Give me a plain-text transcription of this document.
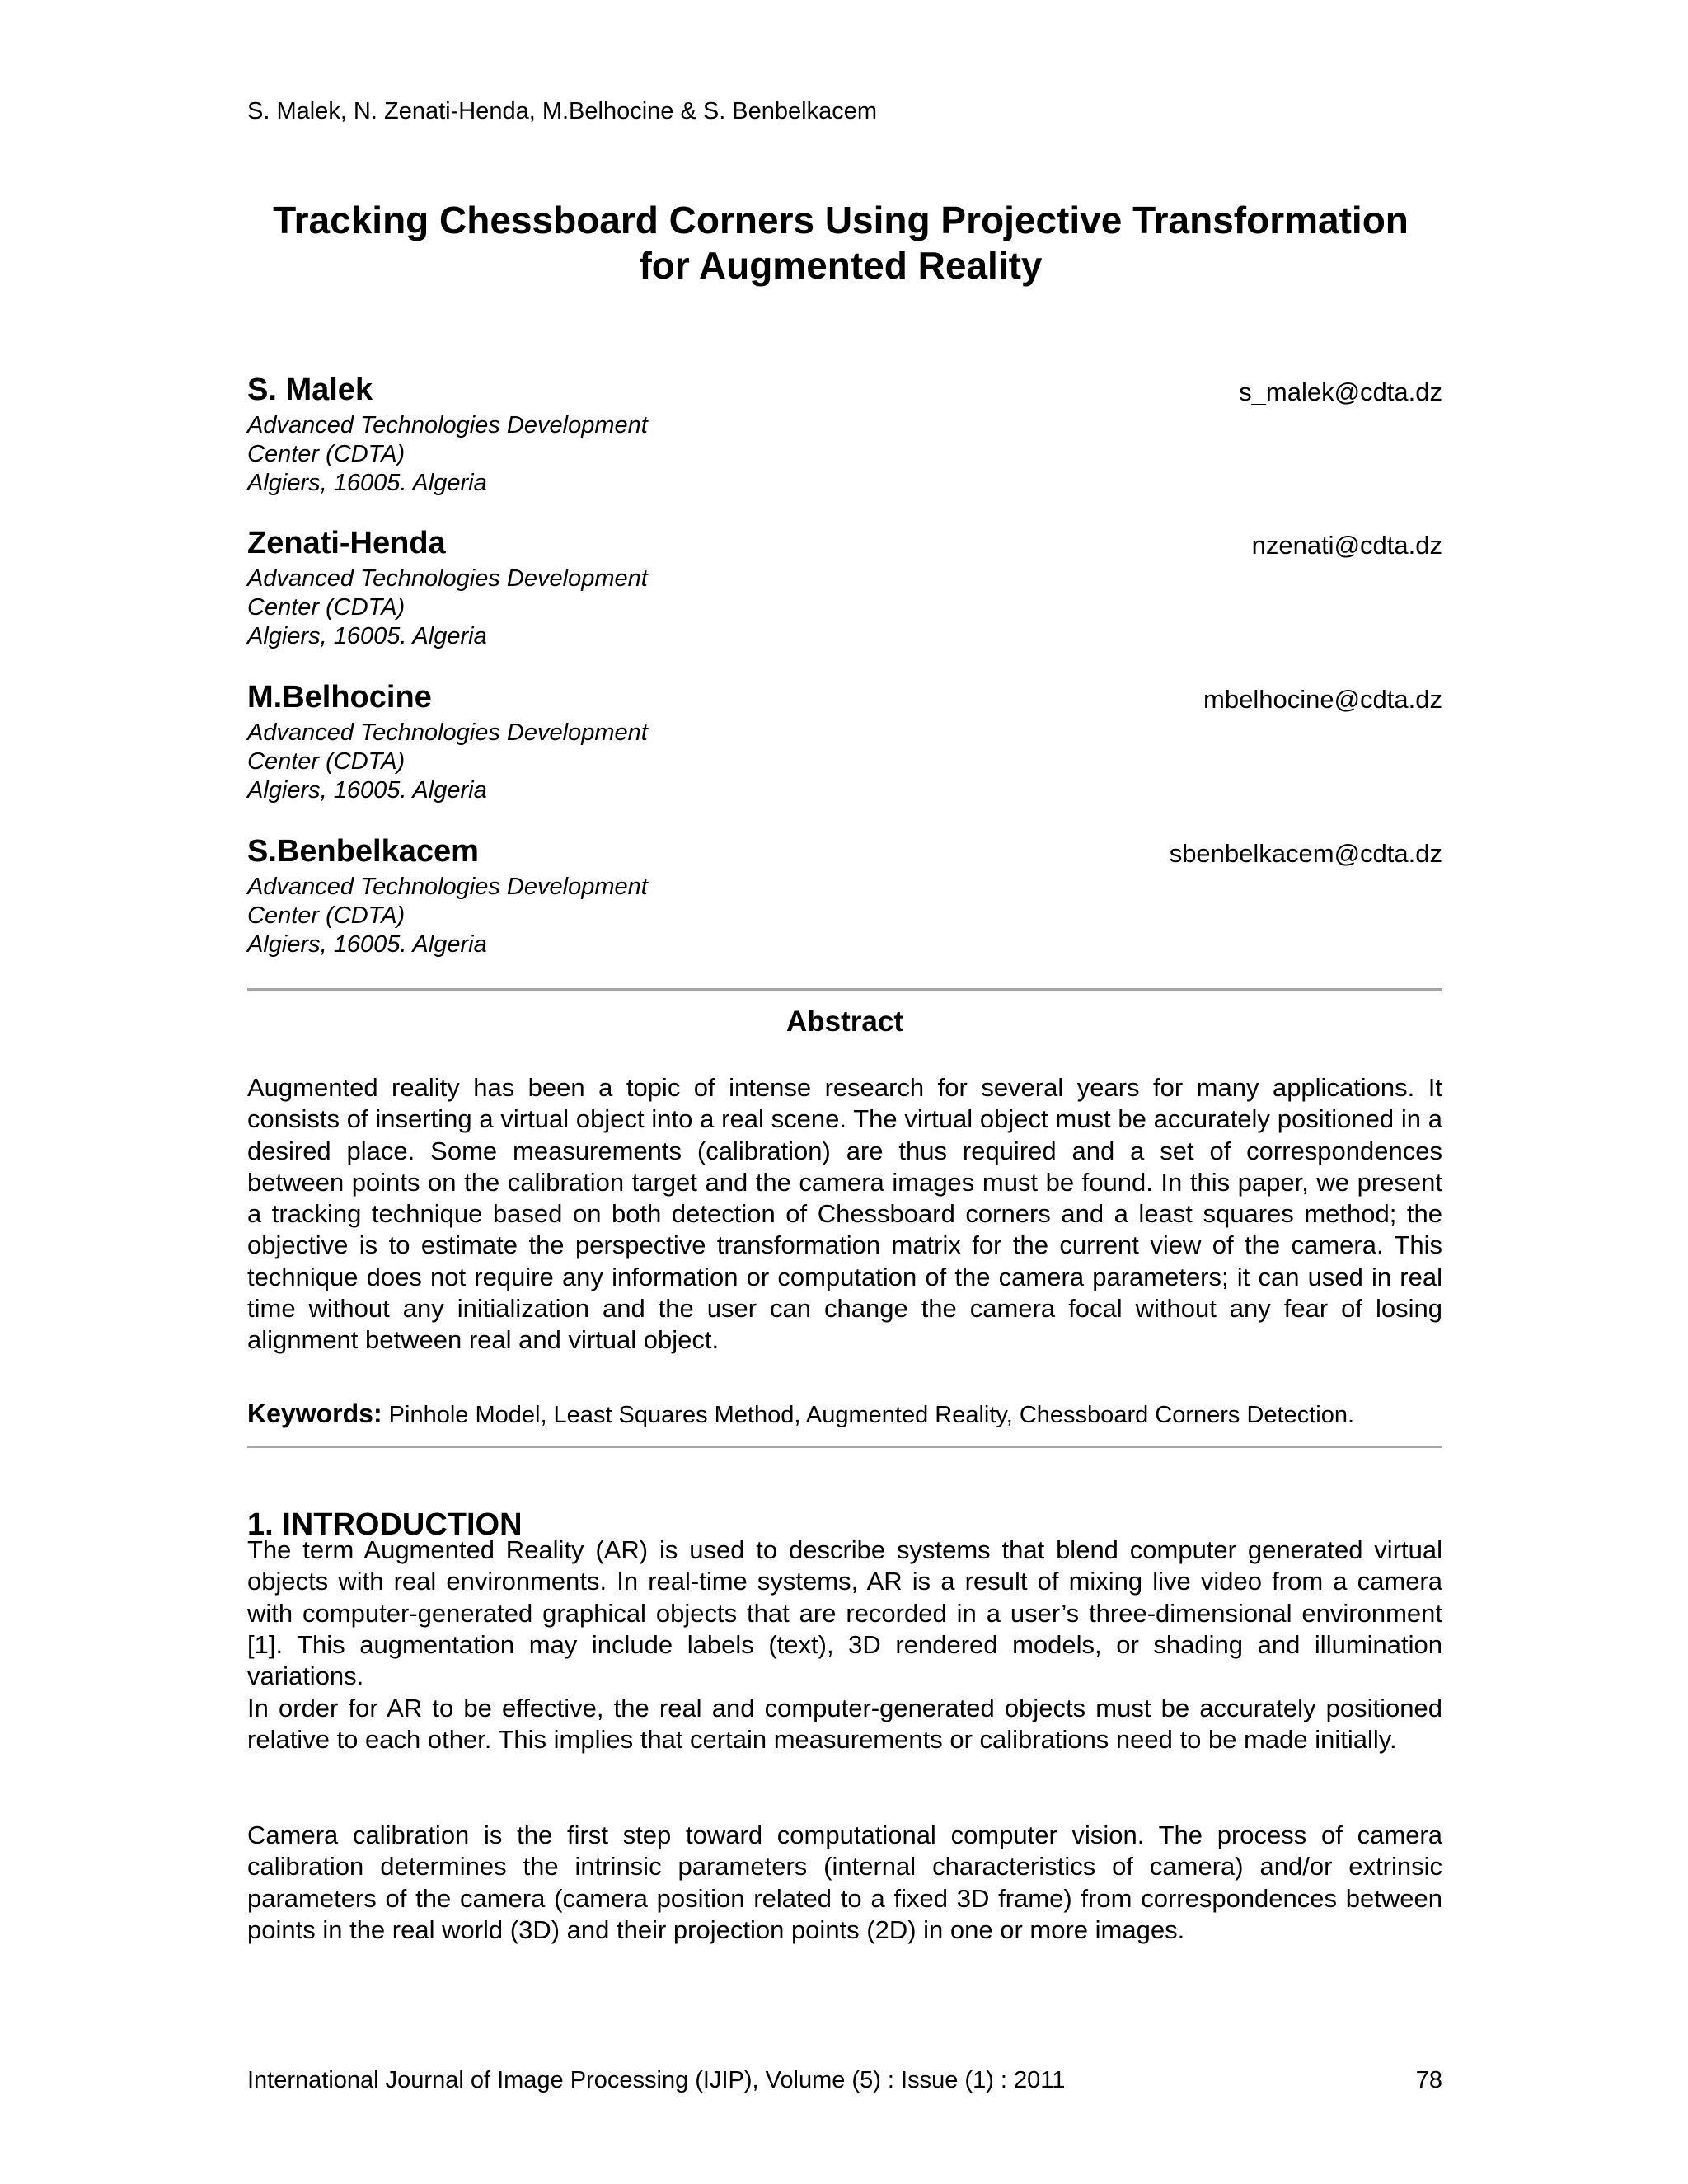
S. Malek, N. Zenati-Henda, M.Belhocine & S. Benbelkacem
Tracking Chessboard Corners Using Projective Transformation
for Augmented Reality
S. Malek	s_malek@cdta.dz
Advanced Technologies Development
Center (CDTA)
Algiers, 16005. Algeria
Zenati-Henda	nzenati@cdta.dz
Advanced Technologies Development
Center (CDTA)
Algiers, 16005. Algeria
M.Belhocine	mbelhocine@cdta.dz
Advanced Technologies Development
Center (CDTA)
Algiers, 16005. Algeria
S.Benbelkacem	sbenbelkacem@cdta.dz
Advanced Technologies Development
Center (CDTA)
Algiers, 16005. Algeria
Abstract

Augmented reality has been a topic of intense research for several years for many applications. It consists of inserting a virtual object into a real scene. The virtual object must be accurately positioned in a desired place. Some measurements (calibration) are thus required and a set of correspondences between points on the calibration target and the camera images must be found. In this paper, we present a tracking technique based on both detection of Chessboard corners and a least squares method; the objective is to estimate the perspective transformation matrix for the current view of the camera. This technique does not require any information or computation of the camera parameters; it can used in real time without any initialization and the user can change the camera focal without any fear of losing alignment between real and virtual object.

Keywords: Pinhole Model, Least Squares Method, Augmented Reality, Chessboard Corners Detection.
1. INTRODUCTION

The term Augmented Reality (AR) is used to describe systems that blend computer generated virtual objects with real environments. In real-time systems, AR is a result of mixing live video from a camera with computer-generated graphical objects that are recorded in a user’s three-dimensional environment [1]. This augmentation may include labels (text), 3D rendered models, or shading and illumination variations.

In order for AR to be effective, the real and computer-generated objects must be accurately positioned relative to each other. This implies that certain measurements or calibrations need to be made initially.

Camera calibration is the first step toward computational computer vision. The process of camera calibration determines the intrinsic parameters (internal characteristics of camera) and/or extrinsic parameters of the camera (camera position related to a fixed 3D frame) from correspondences between points in the real world (3D) and their projection points (2D) in one or more images.

International Journal of Image Processing (IJIP), Volume (5) : Issue (1) : 2011	78
